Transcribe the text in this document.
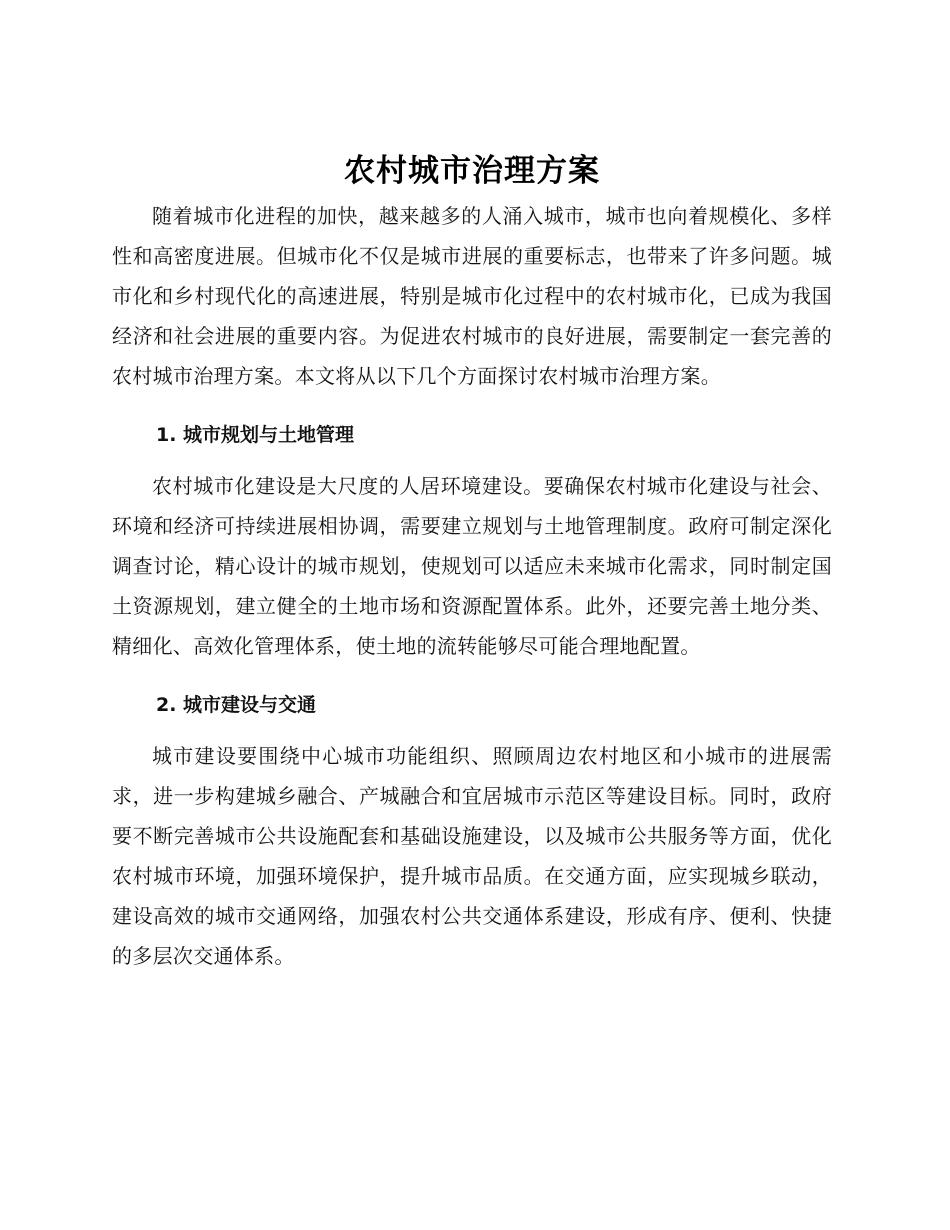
农村城市治理方案

随着城市化进程的加快，越来越多的人涌入城市，城市也向着规模化、多样性和高密度进展。但城市化不仅是城市进展的重要标志，也带来了许多问题。城市化和乡村现代化的高速进展，特别是城市化过程中的农村城市化，已成为我国经济和社会进展的重要内容。为促进农村城市的良好进展，需要制定一套完善的农村城市治理方案。本文将从以下几个方面探讨农村城市治理方案。

1. 城市规划与土地管理

农村城市化建设是大尺度的人居环境建设。要确保农村城市化建设与社会、环境和经济可持续进展相协调，需要建立规划与土地管理制度。政府可制定深化调查讨论，精心设计的城市规划，使规划可以适应未来城市化需求，同时制定国土资源规划，建立健全的土地市场和资源配置体系。此外，还要完善土地分类、精细化、高效化管理体系，使土地的流转能够尽可能合理地配置。

2. 城市建设与交通

城市建设要围绕中心城市功能组织、照顾周边农村地区和小城市的进展需求，进一步构建城乡融合、产城融合和宜居城市示范区等建设目标。同时，政府要不断完善城市公共设施配套和基础设施建设，以及城市公共服务等方面，优化农村城市环境，加强环境保护，提升城市品质。在交通方面，应实现城乡联动，建设高效的城市交通网络，加强农村公共交通体系建设，形成有序、便利、快捷的多层次交通体系。
